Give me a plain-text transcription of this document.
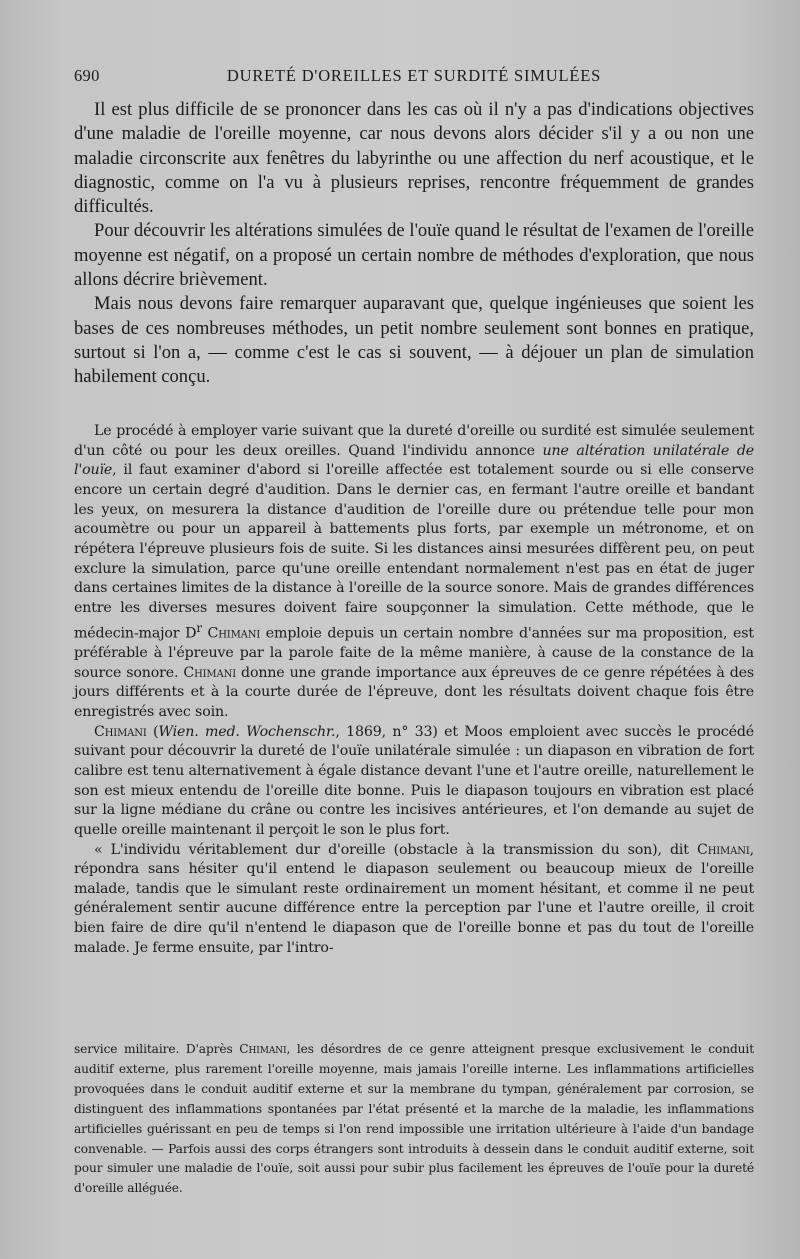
690	DURETÉ D'OREILLES ET SURDITÉ SIMULÉES

Il est plus difficile de se prononcer dans les cas où il n'y a pas d'indications objectives d'une maladie de l'oreille moyenne, car nous devons alors décider s'il y a ou non une maladie circonscrite aux fenêtres du labyrinthe ou une affection du nerf acoustique, et le diagnostic, comme on l'a vu à plusieurs reprises, rencontre fréquemment de grandes difficultés.

Pour découvrir les altérations simulées de l'ouïe quand le résultat de l'examen de l'oreille moyenne est négatif, on a proposé un certain nombre de méthodes d'exploration, que nous allons décrire brièvement.

Mais nous devons faire remarquer auparavant que, quelque ingénieuses que soient les bases de ces nombreuses méthodes, un petit nombre seulement sont bonnes en pratique, surtout si l'on a, — comme c'est le cas si souvent, — à déjouer un plan de simulation habilement conçu.

Le procédé à employer varie suivant que la dureté d'oreille ou surdité est simulée seulement d'un côté ou pour les deux oreilles. Quand l'individu annonce une altération unilatérale de l'ouïe, il faut examiner d'abord si l'oreille affectée est totalement sourde ou si elle conserve encore un certain degré d'audition. Dans le dernier cas, en fermant l'autre oreille et bandant les yeux, on mesurera la distance d'audition de l'oreille dure ou prétendue telle pour mon acoumètre ou pour un appareil à battements plus forts, par exemple un métronome, et on répétera l'épreuve plusieurs fois de suite. Si les distances ainsi mesurées diffèrent peu, on peut exclure la simulation, parce qu'une oreille entendant normalement n'est pas en état de juger dans certaines limites de la distance à l'oreille de la source sonore. Mais de grandes différences entre les diverses mesures doivent faire soupçonner la simulation. Cette méthode, que le médecin-major $D^r$ Chimani emploie depuis un certain nombre d'années sur ma proposition, est préférable à l'épreuve par la parole faite de la même manière, à cause de la constance de la source sonore. Chimani donne une grande importance aux épreuves de ce genre répétées à des jours différents et à la courte durée de l'épreuve, dont les résultats doivent chaque fois être enregistrés avec soin.

Chimani (Wien. med. Wochenschr., 1869, n° 33) et Moos emploient avec succès le procédé suivant pour découvrir la dureté de l'ouïe unilatérale simulée : un diapason en vibration de fort calibre est tenu alternativement à égale distance devant l'une et l'autre oreille, naturellement le son est mieux entendu de l'oreille dite bonne. Puis le diapason toujours en vibration est placé sur la ligne médiane du crâne ou contre les incisives antérieures, et l'on demande au sujet de quelle oreille maintenant il perçoit le son le plus fort.

« L'individu véritablement dur d'oreille (obstacle à la transmission du son), dit Chimani, répondra sans hésiter qu'il entend le diapason seulement ou beaucoup mieux de l'oreille malade, tandis que le simulant reste ordinairement un moment hésitant, et comme il ne peut généralement sentir aucune différence entre la perception par l'une et l'autre oreille, il croit bien faire de dire qu'il n'entend le diapason que de l'oreille bonne et pas du tout de l'oreille malade. Je ferme ensuite, par l'intro-

service militaire. D'après Chimani, les désordres de ce genre atteignent presque exclusivement le conduit auditif externe, plus rarement l'oreille moyenne, mais jamais l'oreille interne. Les inflammations artificielles provoquées dans le conduit auditif externe et sur la membrane du tympan, généralement par corrosion, se distinguent des inflammations spontanées par l'état présenté et la marche de la maladie, les inflammations artificielles guérissant en peu de temps si l'on rend impossible une irritation ultérieure à l'aide d'un bandage convenable. — Parfois aussi des corps étrangers sont introduits à dessein dans le conduit auditif externe, soit pour simuler une maladie de l'ouïe, soit aussi pour subir plus facilement les épreuves de l'ouïe pour la dureté d'oreille alléguée.
